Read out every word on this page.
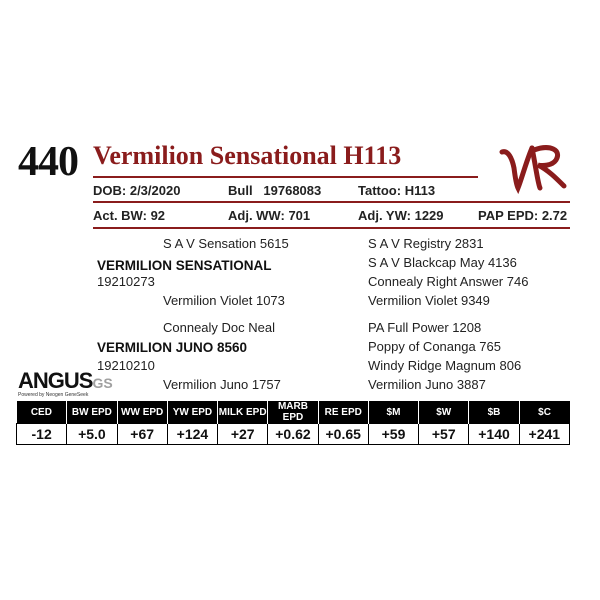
440 Vermilion Sensational H113
DOB: 2/3/2020	Bull 19768083	Tattoo: H113
Act. BW: 92	Adj. WW: 701	Adj. YW: 1229	PAP EPD: 2.72
S A V Sensation 5615	S A V Registry 2831
S A V Blackcap May 4136
VERMILION SENSATIONAL
19210273	Connealy Right Answer 746
Vermilion Violet 1073	Vermilion Violet 9349
Connealy Doc Neal	PA Full Power 1208
VERMILION JUNO 8560	Poppy of Conanga 765
19210210	Windy Ridge Magnum 806
Vermilion Juno 1757	Vermilion Juno 3887
ANGUSGS
Powered by Neogen GeneSeek
CED	BW EPD	WW EPD	YW EPD	MILK EPD	MARB EPD	RE EPD	$M	$W	$B	$C
-12	+5.0	+67	+124	+27	+0.62	+0.65	+59	+57	+140	+241
